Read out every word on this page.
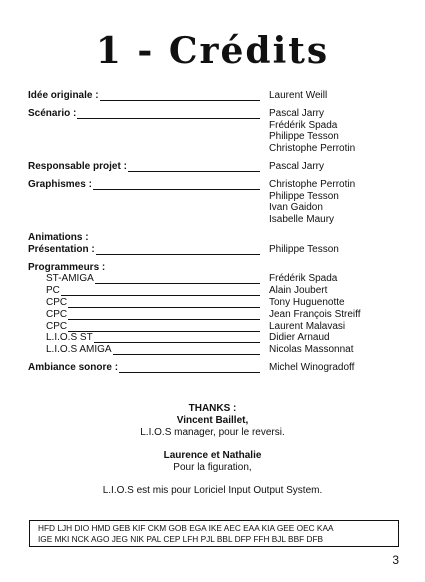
1 - Crédits
Idée originale :	Laurent Weill
Scénario :	Pascal Jarry
Frédérik Spada
Philippe Tesson
Christophe Perrotin
Responsable projet :	Pascal Jarry
Graphismes :	Christophe Perrotin
Philippe Tesson
Ivan Gaidon
Isabelle Maury
Animations :
Présentation :	Philippe Tesson
Programmeurs :
ST-AMIGA	Frédérik Spada
PC	Alain Joubert
CPC	Tony Huguenotte
CPC	Jean François Streiff
CPC	Laurent Malavasi
L.I.O.S ST	Didier Arnaud
L.I.O.S AMIGA	Nicolas Massonnat
Ambiance sonore :	Michel Winogradoff
THANKS :
Vincent Baillet,
L.I.O.S manager, pour le reversi.
Laurence et Nathalie
Pour la figuration,
L.I.O.S est mis pour Loriciel Input Output System.
HFD LJH DIO HMD GEB KIF CKM GOB EGA IKE AEC EAA KIA GEE OEC KAA
IGE MKI NCK AGO JEG NIK PAL CEP LFH PJL BBL DFP FFH BJL BBF DFB
3
